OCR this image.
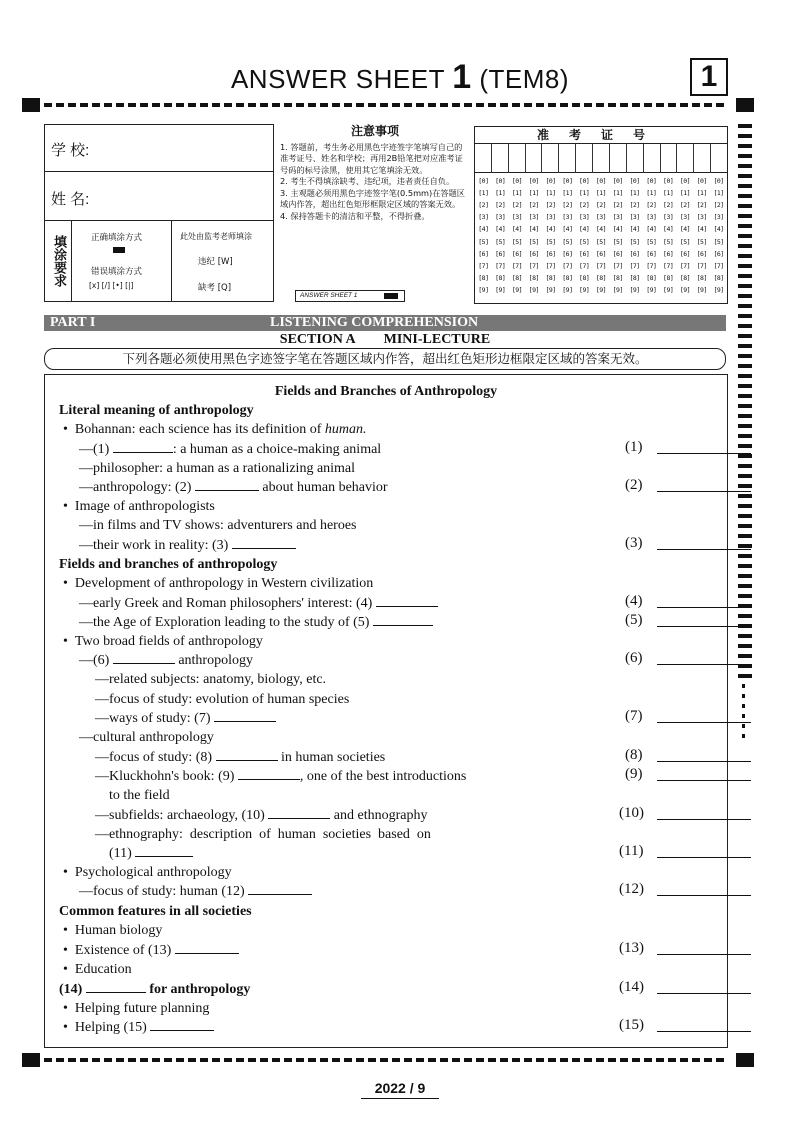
ANSWER SHEET 1 (TEM8)	1
学 校:
姓 名:
填涂要求	正确填涂方式
错误填涂方式
[x] [/] [•] [|]
此处由监考老师填涂
违纪 [W]
缺考 [Q]
注意事项
1. 答题前，考生务必用黑色字迹签字笔填写自己的准考证号、姓名和学校；再用2B铅笔把对应准考证号码的标号涂黑，使用其它笔填涂无效。
2. 考生不得填涂缺考、违纪项，违者责任自负。
3. 主观题必须用黑色字迹签字笔(0.5mm)在答题区域内作答，超出红色矩形框限定区域的答案无效。
4. 保持答题卡的清洁和平整，不得折叠。
ANSWER SHEET 1
准考证号

[0]	[0]	[0]	[0]	[0]	[0]	[0]	[0]	[0]	[0]	[0]	[0]	[0]	[0]	[0]
[1]	[1]	[1]	[1]	[1]	[1]	[1]	[1]	[1]	[1]	[1]	[1]	[1]	[1]	[1]
[2]	[2]	[2]	[2]	[2]	[2]	[2]	[2]	[2]	[2]	[2]	[2]	[2]	[2]	[2]
[3]	[3]	[3]	[3]	[3]	[3]	[3]	[3]	[3]	[3]	[3]	[3]	[3]	[3]	[3]
[4]	[4]	[4]	[4]	[4]	[4]	[4]	[4]	[4]	[4]	[4]	[4]	[4]	[4]	[4]
[5]	[5]	[5]	[5]	[5]	[5]	[5]	[5]	[5]	[5]	[5]	[5]	[5]	[5]	[5]
[6]	[6]	[6]	[6]	[6]	[6]	[6]	[6]	[6]	[6]	[6]	[6]	[6]	[6]	[6]
[7]	[7]	[7]	[7]	[7]	[7]	[7]	[7]	[7]	[7]	[7]	[7]	[7]	[7]	[7]
[8]	[8]	[8]	[8]	[8]	[8]	[8]	[8]	[8]	[8]	[8]	[8]	[8]	[8]	[8]
[9]	[9]	[9]	[9]	[9]	[9]	[9]	[9]	[9]	[9]	[9]	[9]	[9]	[9]	[9]
PART I	LISTENING COMPREHENSION
SECTION A MINI-LECTURE
下列各题必须使用黑色字迹签字笔在答题区域内作答，超出红色矩形边框限定区域的答案无效。
Fields and Branches of Anthropology
Literal meaning of anthropology
•  Bohannan: each science has its definition of human.
—(1)	: a human as a choice-making animal
—philosopher: a human as a rationalizing animal
—anthropology: (2)	about human behavior
•  Image of anthropologists
—in films and TV shows: adventurers and heroes
—their work in reality: (3)
Fields and branches of anthropology
•  Development of anthropology in Western civilization
—early Greek and Roman philosophers' interest: (4)
—the Age of Exploration leading to the study of (5)
•  Two broad fields of anthropology
—(6)	anthropology
—related subjects: anatomy, biology, etc.
—focus of study: evolution of human species
—ways of study: (7)
—cultural anthropology
—focus of study: (8)	in human societies
—Kluckhohn's book: (9)	, one of the best introductions
to the field
—subfields: archaeology, (10)	and ethnography
—ethnography:  description  of  human  societies  based  on
(11)
•  Psychological anthropology
—focus of study: human (12)
Common features in all societies
•  Human biology
•  Existence of (13)
•  Education
(14)	for anthropology
•  Helping future planning
•  Helping (15)
(1)
(2)
(3)
(4)
(5)
(6)
(7)
(8)
(9)
(10)
(11)
(12)
(13)
(14)
(15)
2022 / 9
